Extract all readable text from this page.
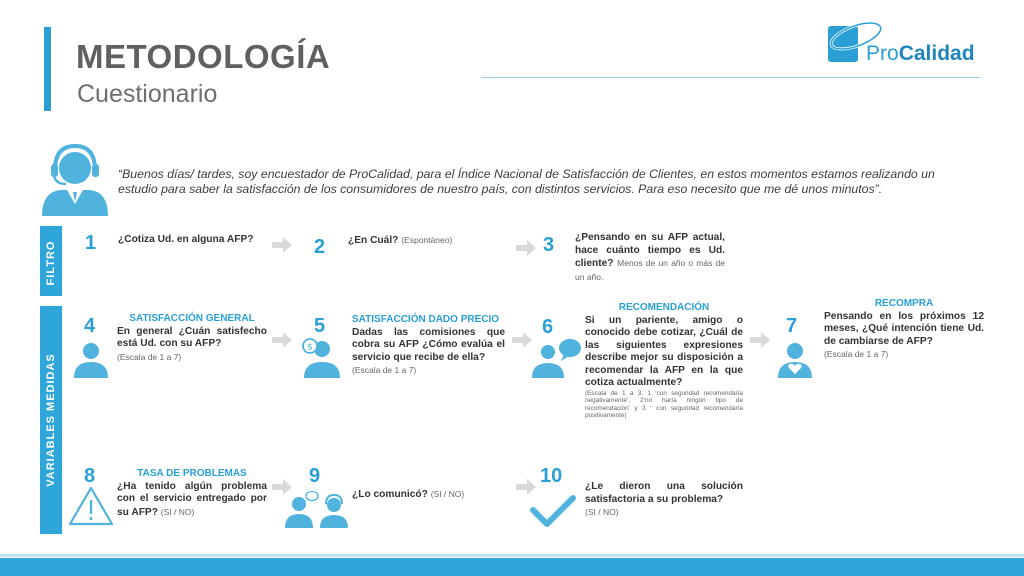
METODOLOGÍA
Cuestionario
ProCalidad
“Buenos días/ tardes, soy encuestador de ProCalidad, para el Índice Nacional de Satisfacción de Clientes, en estos momentos estamos realizando un estudio para saber la satisfacción de los consumidores de nuestro país, con distintos servicios. Para eso necesito que me dé unos minutos”.
FILTRO
VARIABLES MEDIDAS
1 ¿Cotiza Ud. en alguna AFP?	2 ¿En Cuál? (Espontáneo)	3 ¿Pensando en su AFP actual, hace cuánto tiempo es Ud. cliente? Menos de un año o más de un año.
4	SATISFACCIÓN GENERAL
En general ¿Cuán satisfecho está Ud. con su AFP?
(Escala de 1 a 7)
5	SATISFACCIÓN DADO PRECIO
Dadas las comisiones que cobra su AFP ¿Cómo evalúa el servicio que recibe de ella?
(Escala de 1 a 7)
$
6
RECOMENDACIÓN
Si un pariente, amigo o conocido debe cotizar, ¿Cuál de las siguientes expresiones describe mejor su disposición a recomendar la AFP en la que cotiza actualmente?
(Escala de 1 a 3, 1 ‘con seguridad recomendaría negativamente’, 2‘no haría ningún tipo de recomendación’ y 3 ‘ con seguridad recomendaría positivamente)
7
RECOMPRA
Pensando en los próximos 12 meses, ¿Qué intención tiene Ud. de cambiarse de AFP?
(Escala de 1 a 7)
8	TASA DE PROBLEMAS
¿Ha tenido algún problema con el servicio entregado por su AFP? (SI / NO)
9
¿Lo comunicó? (SI / NO)
10 ¿Le dieron una solución satisfactoria a su problema?
(SI / NO)
